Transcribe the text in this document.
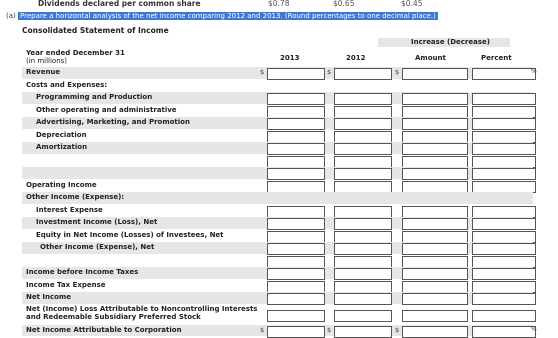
Dividends declared per common share	$0.78	$0.65	$0.45
(a) Prepare a horizontal analysis of the net income comparing 2012 and 2013. (Round percentages to one decimal place.)
Consolidated Statement of Income
Increase (Decrease)
Year ended December 31
(in millions)	2013	2012	Amount	Percent
Revenue	$	$	$	%
Costs and Expenses:
Programming and Production
Other operating and administrative
Advertising, Marketing, and Promotion
Depreciation
Amortization
Operating Income
Other Income (Expense):
Interest Expense
Investment Income (Loss), Net
Equity in Net Income (Losses) of Investees, Net
Other Income (Expense), Net
Income before Income Taxes
Income Tax Expense
Net Income
Net (Income) Loss Attributable to Noncontrolling Interests
and Redeemable Subsidiary Preferred Stock
Net Income Attributable to Corporation	$	$	$	%
